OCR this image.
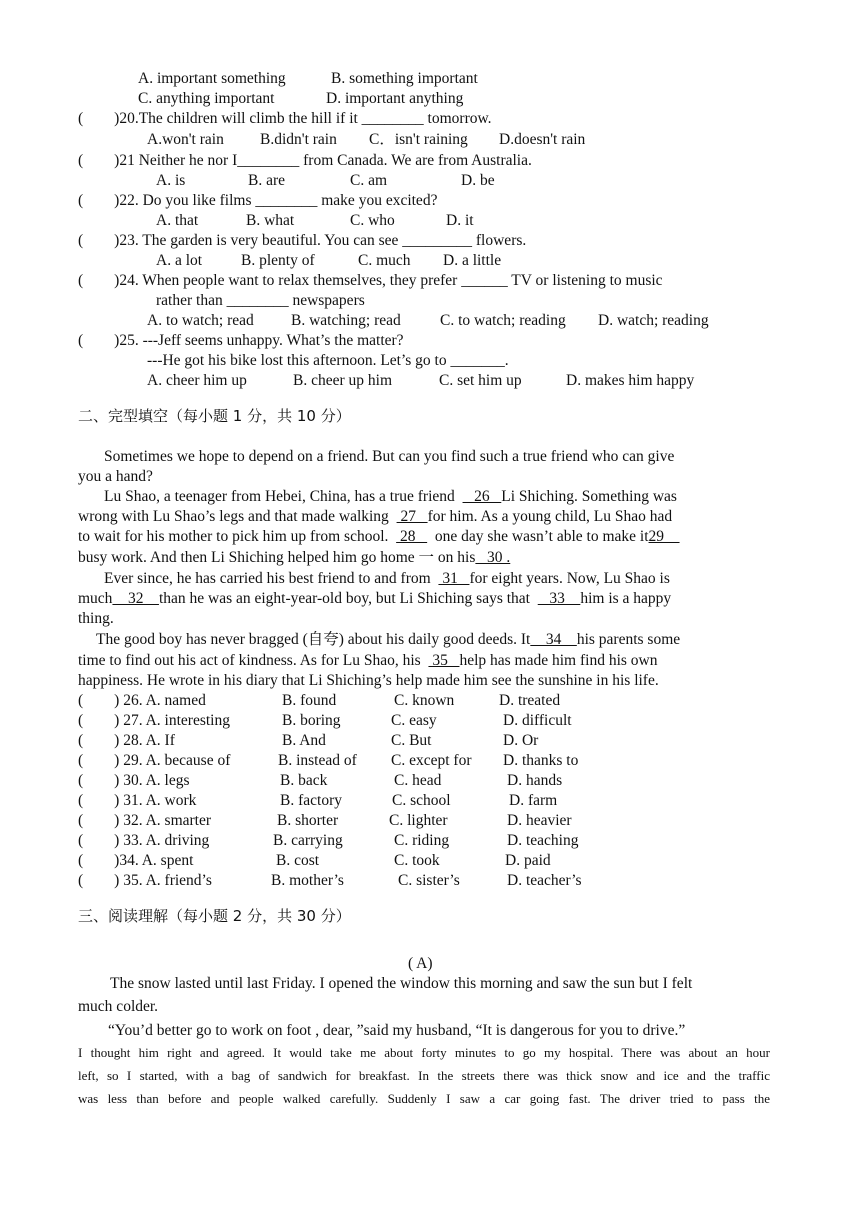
A. important something	B. something important
C. anything important	D. important anything
(        )20.The children will climb the hill if it ________ tomorrow.
A.won't rain B.didn't rain C．isn't raining D.doesn't rain
(        )21 Neither he nor I________ from Canada. We are from Australia.
A. is	B. are	C. am	D. be
(        )22. Do you like films ________ make you excited?
A. that	B. what	C. who	D. it
(        )23. The garden is very beautiful. You can see _________ flowers.
A. a lot	B. plenty of	C. much D. a little
(        )24. When people want to relax themselves, they prefer ______ TV or listening to music
rather than ________ newspapers
A. to watch; read B. watching; read	C. to watch; reading D. watch; reading
(        )25. ---Jeff seems unhappy. What’s the matter?
---He got his bike lost this afternoon. Let’s go to _______.
A. cheer him up	B. cheer up him	C. set him up	D. makes him happy
二、完型填空（每小题 1 分，共 10 分）
Sometimes we hope to depend on a friend. But can you find such a true friend who can give
you a hand?
Lu Shao, a teenager from Hebei, China, has a true friend     26   Li Shiching. Something was
wrong with Lu Shao’s legs and that made walking   27   for him. As a young child, Lu Shao had
to wait for his mother to pick him up from school.   28     one day she wasn’t able to make it29
busy work. And then Li Shiching helped him go home 一 on his   30 .
Ever since, he has carried his best friend to and from   31   for eight years. Now, Lu Shao is
much    32    than he was an eight-year-old boy, but Li Shiching says that     33    him is a happy
thing.
The good boy has never bragged (自夸) about his daily good deeds. It    34    his parents some
time to find out his act of kindness. As for Lu Shao, his   35   help has made him find his own
happiness. He wrote in his diary that Li Shiching’s help made him see the sunshine in his life.
(        ) 26. A. named	B. found	C. known	D. treated
(        ) 27. A. interesting	B. boring	C. easy	D. difficult
(        ) 28. A. If	B. And	C. But	D. Or
(        ) 29. A. because of	B. instead of C. except for D. thanks to
(        ) 30. A. legs	B. back	C. head	D. hands
(        ) 31. A. work	B. factory	C. school	D. farm
(        ) 32. A. smarter	B. shorter	C. lighter	D. heavier
(        ) 33. A. driving	B. carrying	C. riding	D. teaching
(        )34. A. spent	B. cost	C. took	D. paid
(        ) 35. A. friend’s	B. mother’s	C. sister’s	D. teacher’s
三、阅读理解（每小题 2 分，共 30 分）
( A)
The snow lasted until last Friday. I opened the window this morning and saw the sun but I felt
much colder.
“You’d better go to work on foot , dear, ”said my husband, “It is dangerous for you to drive.”
I thought him right and agreed. It would take me about forty minutes to go my hospital. There was about an hour
left, so I started, with a bag of sandwich for breakfast. In the streets there was thick snow and ice and the traffic
was less than before and people walked carefully. Suddenly I saw a car going fast. The driver tried to pass the
